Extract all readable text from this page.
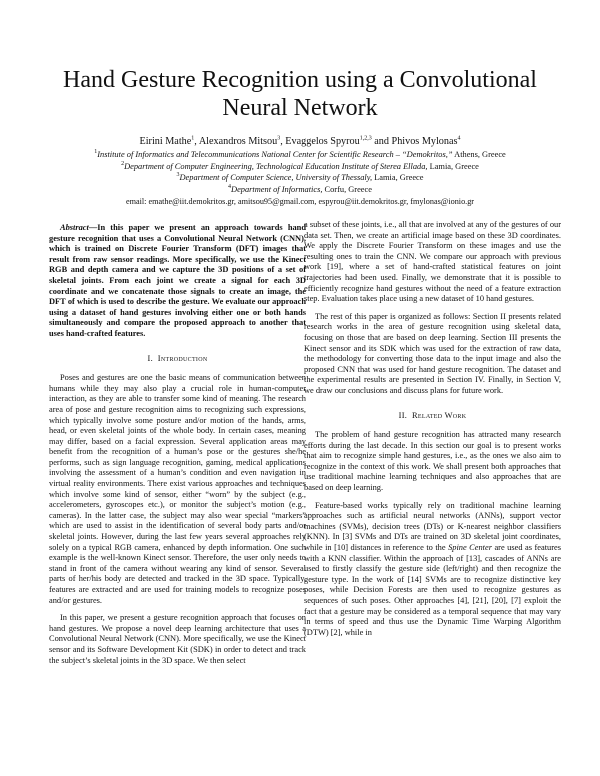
Hand Gesture Recognition using a Convolutional Neural Network
Eirini Mathe$^1$, Alexandros Mitsou$^3$, Evaggelos Spyrou$^{1,2,3}$ and Phivos Mylonas$^4$
$^1$Institute of Informatics and Telecommunications National Center for Scientific Research – “Demokritos,” Athens, Greece
$^2$Department of Computer Engineering, Technological Education Institute of Sterea Ellada, Lamia, Greece
$^3$Department of Computer Science, University of Thessaly, Lamia, Greece
$^4$Department of Informatics, Corfu, Greece
email: emathe@iit.demokritos.gr, amitsou95@gmail.com, espyrou@iit.demokritos.gr, fmylonas@ionio.gr

Abstract—In this paper we present an approach towards hand gesture recognition that uses a Convolutional Neural Network (CNN), which is trained on Discrete Fourier Transform (DFT) images that result from raw sensor readings. More specifically, we use the Kinect RGB and depth camera and we capture the 3D positions of a set of skeletal joints. From each joint we create a signal for each 3D coordinate and we concatenate those signals to create an image, the DFT of which is used to describe the gesture. We evaluate our approach using a dataset of hand gestures involving either one or both hands simultaneously and compare the proposed approach to another that uses hand-crafted features.

I. Introduction

Poses and gestures are one the basic means of communication between humans while they may also play a crucial role in human-computer interaction, as they are able to transfer some kind of meaning. The research area of pose and gesture recognition aims to recognizing such expressions, which typically involve some posture and/or motion of the hands, arms, head, or even skeletal joints of the whole body. In certain cases, meaning may differ, based on a facial expression. Several application areas may benefit from the recognition of a human’s pose or the gestures she/he performs, such as sign language recognition, gaming, medical applications involving the assessment of a human’s condition and even navigation in virtual reality environments. There exist various approaches and techniques which involve some kind of sensor, either “worn” by the subject (e.g., accelerometers, gyroscopes etc.), or monitor the subject’s motion (e.g., cameras). In the latter case, the subject may also wear special “markers” which are used to assist in the identification of several body parts and/or skeletal joints. However, during the last few years several approaches rely solely on a typical RGB camera, enhanced by depth information. One such example is the well-known Kinect sensor. Therefore, the user only needs to stand in front of the camera without wearing any kind of sensor. Several parts of her/his body are detected and tracked in the 3D space. Typically, features are extracted and are used for training models to recognize poses and/or gestures.

In this paper, we present a gesture recognition approach that focuses on hand gestures. We propose a novel deep learning architecture that uses a Convolutional Neural Network (CNN). More specifically, we use the Kinect sensor and its Software Development Kit (SDK) in order to detect and track the subject’s skeletal joints in the 3D space. We then select

a subset of these joints, i.e., all that are involved at any of the gestures of our data set. Then, we create an artificial image based on these 3D coordinates. We apply the Discrete Fourier Transform on these images and use the resulting ones to train the CNN. We compare our approach with previous work [19], where a set of hand-crafted statistical features on joint trajectories had been used. Finally, we demonstrate that it is possible to efficiently recognize hand gestures without the need of a feature extraction step. Evaluation takes place using a new dataset of 10 hand gestures.

The rest of this paper is organized as follows: Section II presents related research works in the area of gesture recognition using skeletal data, focusing on those that are based on deep learning. Section III presents the Kinect sensor and its SDK which was used for the extraction of raw data, the methodology for converting those data to the input image and also the proposed CNN that was used for hand gesture recognition. The dataset and the experimental results are presented in Section IV. Finally, in Section V, we draw our conclusions and discuss plans for future work.

II. Related Work

The problem of hand gesture recognition has attracted many research efforts during the last decade. In this section our goal is to present works that aim to recognize simple hand gestures, i.e., as the ones we also aim to recognize in the context of this work. We shall present both approaches that use traditional machine learning techniques and also approaches that are based on deep learning.

Feature-based works typically rely on traditional machine learning approaches such as artificial neural networks (ANNs), support vector machines (SVMs), decision trees (DTs) or K-nearest neighbor classifiers (KNN). In [3] SVMs and DTs are trained on 3D skeletal joint coordinates, while in [10] distances in reference to the Spine Center are used as features with a KNN classifier. Within the approach of [13], cascades of ANNs are used to firstly classify the gesture side (left/right) and then recognize the gesture type. In the work of [14] SVMs are to recognize distinctive key poses, while Decision Forests are then used to recognize gestures as sequences of such poses. Other approaches [4], [21], [20], [7] exploit the fact that a gesture may be considered as a temporal sequence that may vary in terms of speed and thus use the Dynamic Time Warping Algorithm (DTW) [2], while in
